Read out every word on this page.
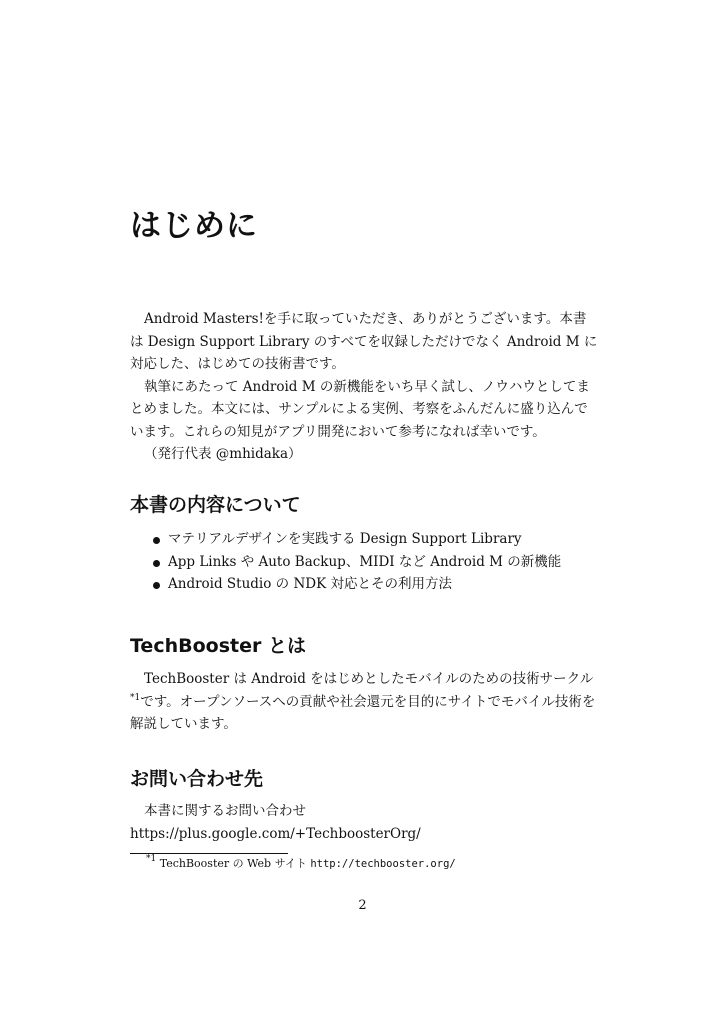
はじめに

Android Masters!を手に取っていただき、ありがとうございます。本書は Design Support Library のすべてを収録しただけでなく Android M に対応した、はじめての技術書です。

執筆にあたって Android M の新機能をいち早く試し、ノウハウとしてまとめました。本文には、サンプルによる実例、考察をふんだんに盛り込んでいます。これらの知見がアプリ開発において参考になれば幸いです。

（発行代表 @mhidaka）

本書の内容について
マテリアルデザインを実践する Design Support Library
App Links や Auto Backup、MIDI など Android M の新機能
Android Studio の NDK 対応とその利用方法
TechBooster とは

TechBooster は Android をはじめとしたモバイルのための技術サークル$^{*1}$です。オープンソースへの貢献や社会還元を目的にサイトでモバイル技術を解説しています。

お問い合わせ先

本書に関するお問い合わせ https://plus.google.com/+TechboosterOrg/

$^{*1}$ TechBooster の Web サイト http://techbooster.org/
2
